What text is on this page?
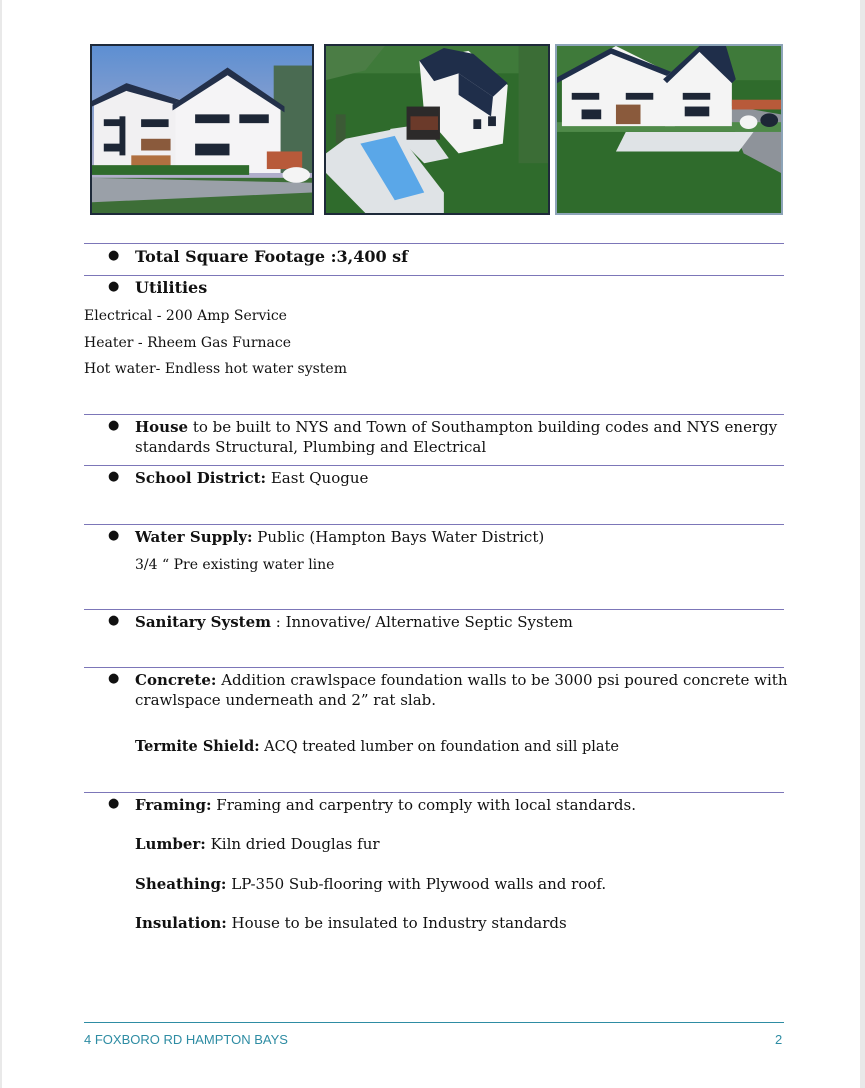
● Total Square Footage :3,400 sf
● Utilities
Electrical - 200 Amp Service
Heater - Rheem Gas Furnace
Hot water- Endless hot water system
● House to be built to NYS and Town of Southampton building codes and NYS energy
standards Structural, Plumbing and Electrical
● School District: East Quogue
● Water Supply: Public (Hampton Bays Water District)
3/4 “ Pre existing water line
● Sanitary System : Innovative/ Alternative Septic System
● Concrete: Addition crawlspace foundation walls to be 3000 psi poured concrete with
crawlspace underneath and 2” rat slab.
Termite Shield: ACQ treated lumber on foundation and sill plate
● Framing: Framing and carpentry to comply with local standards.
Lumber: Kiln dried Douglas fur
Sheathing: LP-350 Sub-flooring with Plywood walls and roof.
Insulation: House to be insulated to Industry standards
4 FOXBORO RD HAMPTON BAYS	2
